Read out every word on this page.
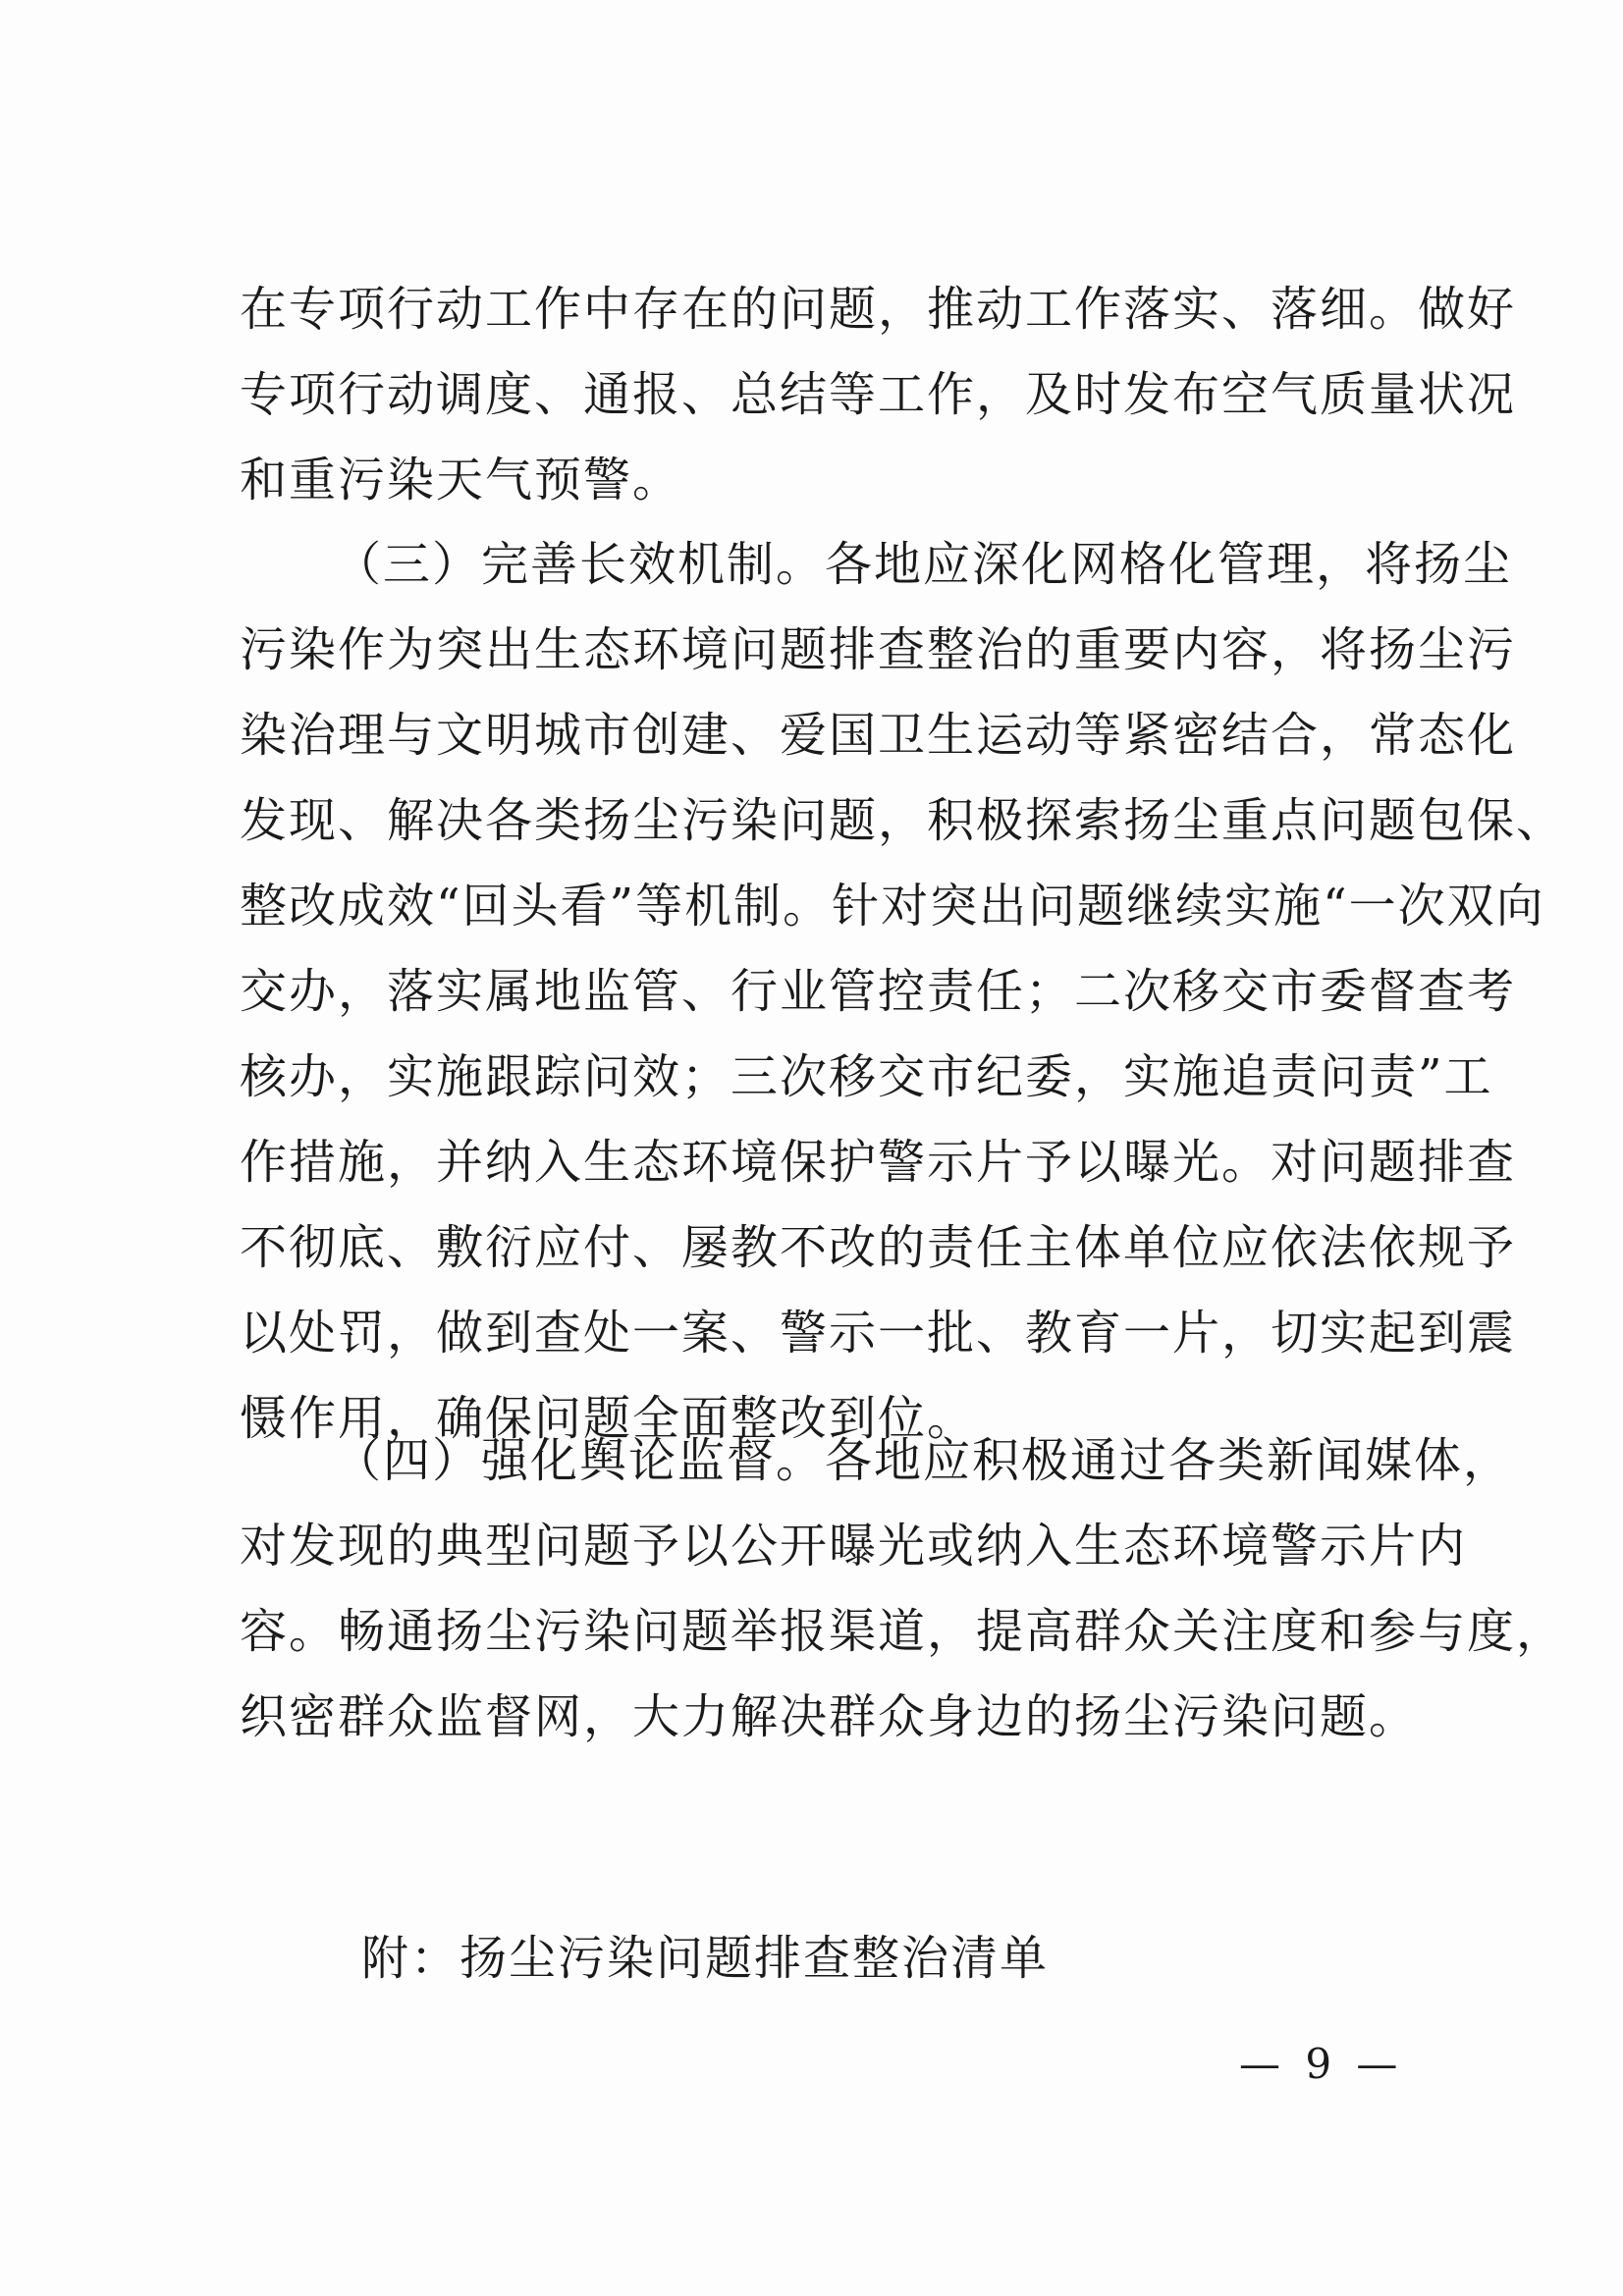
在专项行动工作中存在的问题，推动工作落实、落细。做好
专项行动调度、通报、总结等工作，及时发布空气质量状况
和重污染天气预警。
（三）完善长效机制。各地应深化网格化管理，将扬尘
污染作为突出生态环境问题排查整治的重要内容，将扬尘污
染治理与文明城市创建、爱国卫生运动等紧密结合，常态化
发现、解决各类扬尘污染问题，积极探索扬尘重点问题包保、
整改成效“回头看”等机制。针对突出问题继续实施“一次双向
交办，落实属地监管、行业管控责任；二次移交市委督查考
核办，实施跟踪问效；三次移交市纪委，实施追责问责”工
作措施，并纳入生态环境保护警示片予以曝光。对问题排查
不彻底、敷衍应付、屡教不改的责任主体单位应依法依规予
以处罚，做到查处一案、警示一批、教育一片，切实起到震
慑作用，确保问题全面整改到位。
（四）强化舆论监督。各地应积极通过各类新闻媒体，
对发现的典型问题予以公开曝光或纳入生态环境警示片内
容。畅通扬尘污染问题举报渠道，提高群众关注度和参与度，
织密群众监督网，大力解决群众身边的扬尘污染问题。
附：扬尘污染问题排查整治清单
— 9 —
